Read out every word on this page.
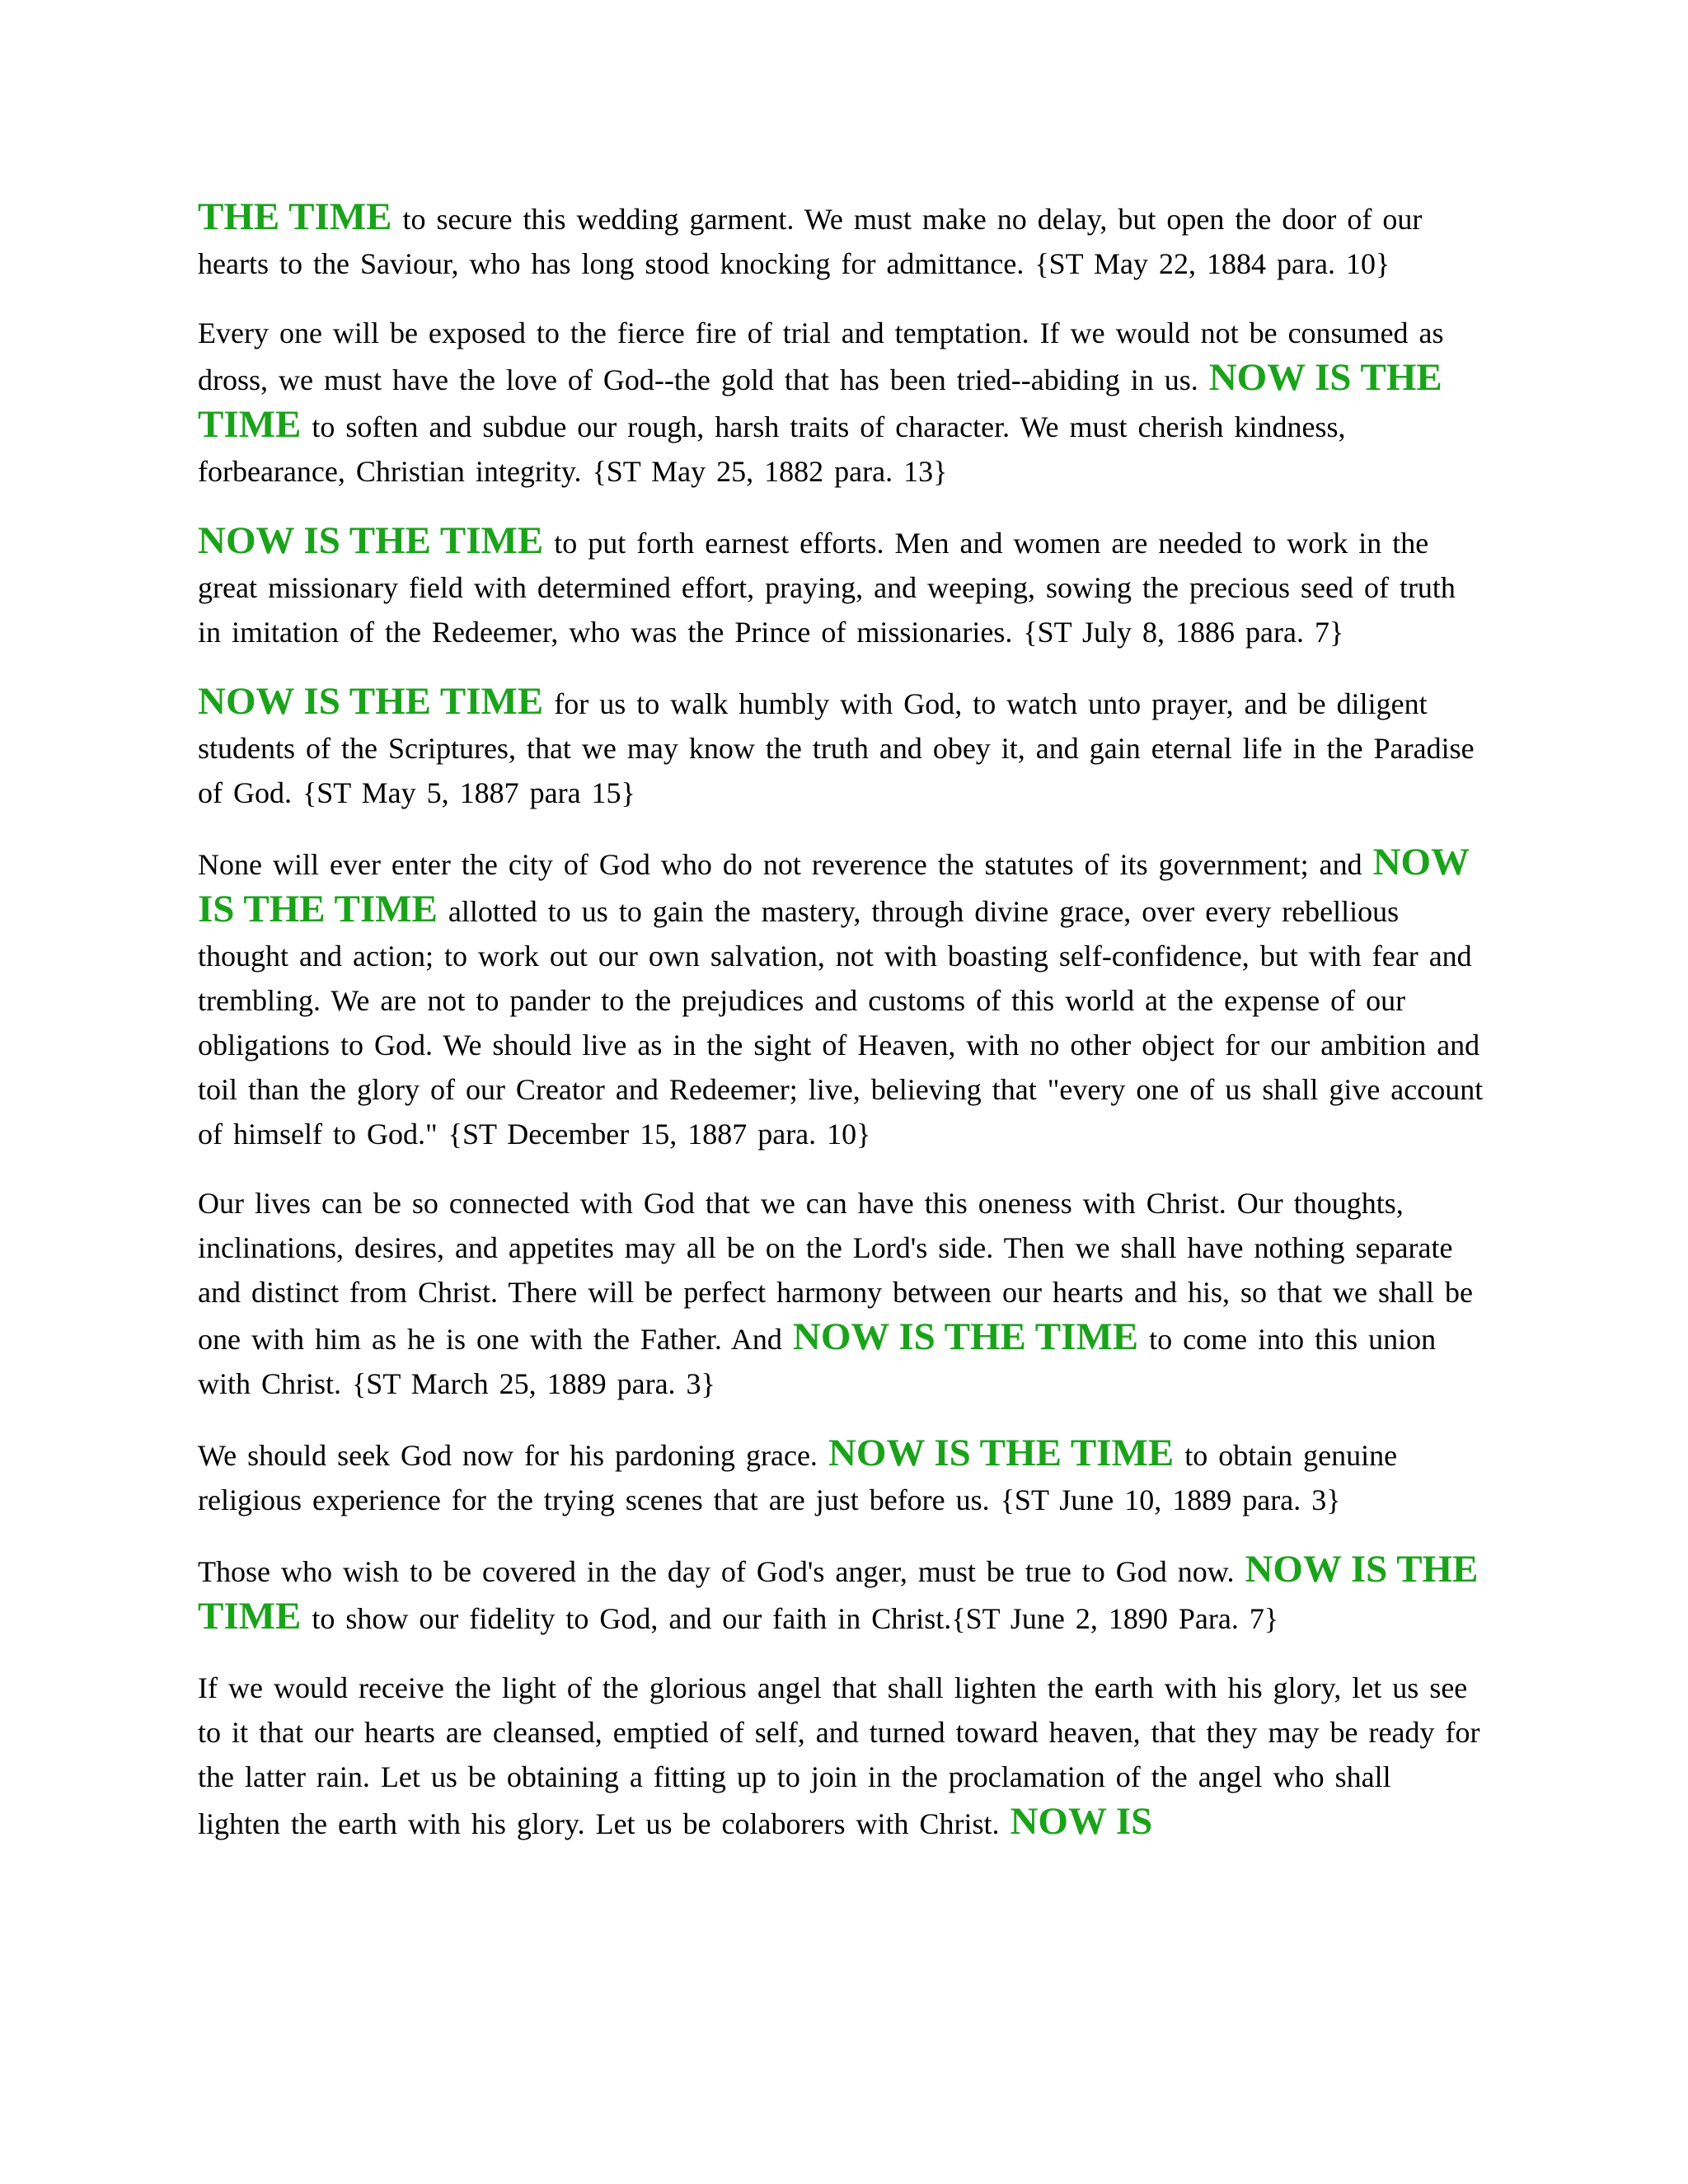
THE TIME to secure this wedding garment. We must make no delay, but open the door of our hearts to the Saviour, who has long stood knocking for admittance. {ST May 22, 1884 para. 10}

Every one will be exposed to the fierce fire of trial and temptation. If we would not be consumed as dross, we must have the love of God--the gold that has been tried--abiding in us. NOW IS THE TIME to soften and subdue our rough, harsh traits of character. We must cherish kindness, forbearance, Christian integrity. {ST May 25, 1882 para. 13}

NOW IS THE TIME to put forth earnest efforts. Men and women are needed to work in the great missionary field with determined effort, praying, and weeping, sowing the precious seed of truth in imitation of the Redeemer, who was the Prince of missionaries. {ST July 8, 1886 para. 7}

NOW IS THE TIME for us to walk humbly with God, to watch unto prayer, and be diligent students of the Scriptures, that we may know the truth and obey it, and gain eternal life in the Paradise of God. {ST May 5, 1887 para 15}

None will ever enter the city of God who do not reverence the statutes of its government; and NOW IS THE TIME allotted to us to gain the mastery, through divine grace, over every rebellious thought and action; to work out our own salvation, not with boasting self-confidence, but with fear and trembling. We are not to pander to the prejudices and customs of this world at the expense of our obligations to God. We should live as in the sight of Heaven, with no other object for our ambition and toil than the glory of our Creator and Redeemer; live, believing that "every one of us shall give account of himself to God." {ST December 15, 1887 para. 10}

Our lives can be so connected with God that we can have this oneness with Christ. Our thoughts, inclinations, desires, and appetites may all be on the Lord's side. Then we shall have nothing separate and distinct from Christ. There will be perfect harmony between our hearts and his, so that we shall be one with him as he is one with the Father. And NOW IS THE TIME to come into this union with Christ. {ST March 25, 1889 para. 3}

We should seek God now for his pardoning grace. NOW IS THE TIME to obtain genuine religious experience for the trying scenes that are just before us. {ST June 10, 1889 para. 3}

Those who wish to be covered in the day of God's anger, must be true to God now. NOW IS THE TIME to show our fidelity to God, and our faith in Christ.{ST June 2, 1890 Para. 7}

If we would receive the light of the glorious angel that shall lighten the earth with his glory, let us see to it that our hearts are cleansed, emptied of self, and turned toward heaven, that they may be ready for the latter rain. Let us be obtaining a fitting up to join in the proclamation of the angel who shall lighten the earth with his glory. Let us be colaborers with Christ. NOW IS
